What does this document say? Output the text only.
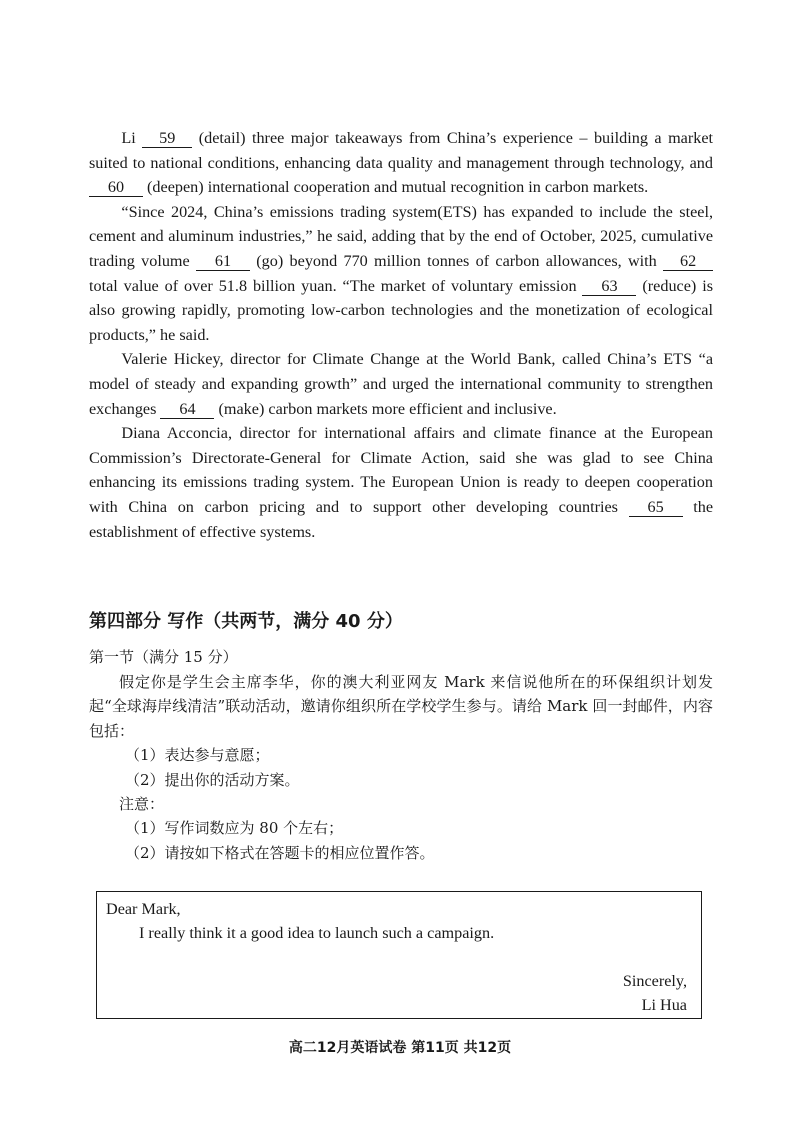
Li 59 (detail) three major takeaways from China’s experience – building a market suited to national conditions, enhancing data quality and management through technology, and 60 (deepen) international cooperation and mutual recognition in carbon markets.

“Since 2024, China’s emissions trading system(ETS) has expanded to include the steel, cement and aluminum industries,” he said, adding that by the end of October, 2025, cumulative trading volume 61 (go) beyond 770 million tonnes of carbon allowances, with 62 total value of over 51.8 billion yuan. “The market of voluntary emission 63 (reduce) is also growing rapidly, promoting low-carbon technologies and the monetization of ecological products,” he said.

Valerie Hickey, director for Climate Change at the World Bank, called China’s ETS “a model of steady and expanding growth” and urged the international community to strengthen exchanges 64 (make) carbon markets more efficient and inclusive.

Diana Acconcia, director for international affairs and climate finance at the European Commission’s Directorate-General for Climate Action, said she was glad to see China enhancing its emissions trading system. The European Union is ready to deepen cooperation with China on carbon pricing and to support other developing countries 65 the establishment of effective systems.

第四部分 写作（共两节，满分 40 分）

第一节（满分 15 分）

假定你是学生会主席李华，你的澳大利亚网友 Mark 来信说他所在的环保组织计划发起“全球海岸线清洁”联动活动，邀请你组织所在学校学生参与。请给 Mark 回一封邮件，内容包括：

（1）表达参与意愿；

（2）提出你的活动方案。

注意：

（1）写作词数应为 80 个左右；

（2）请按如下格式在答题卡的相应位置作答。

Dear Mark,

I really think it a good idea to launch such a campaign.

Sincerely,

Li Hua

高二12月英语试卷 第11页 共12页
